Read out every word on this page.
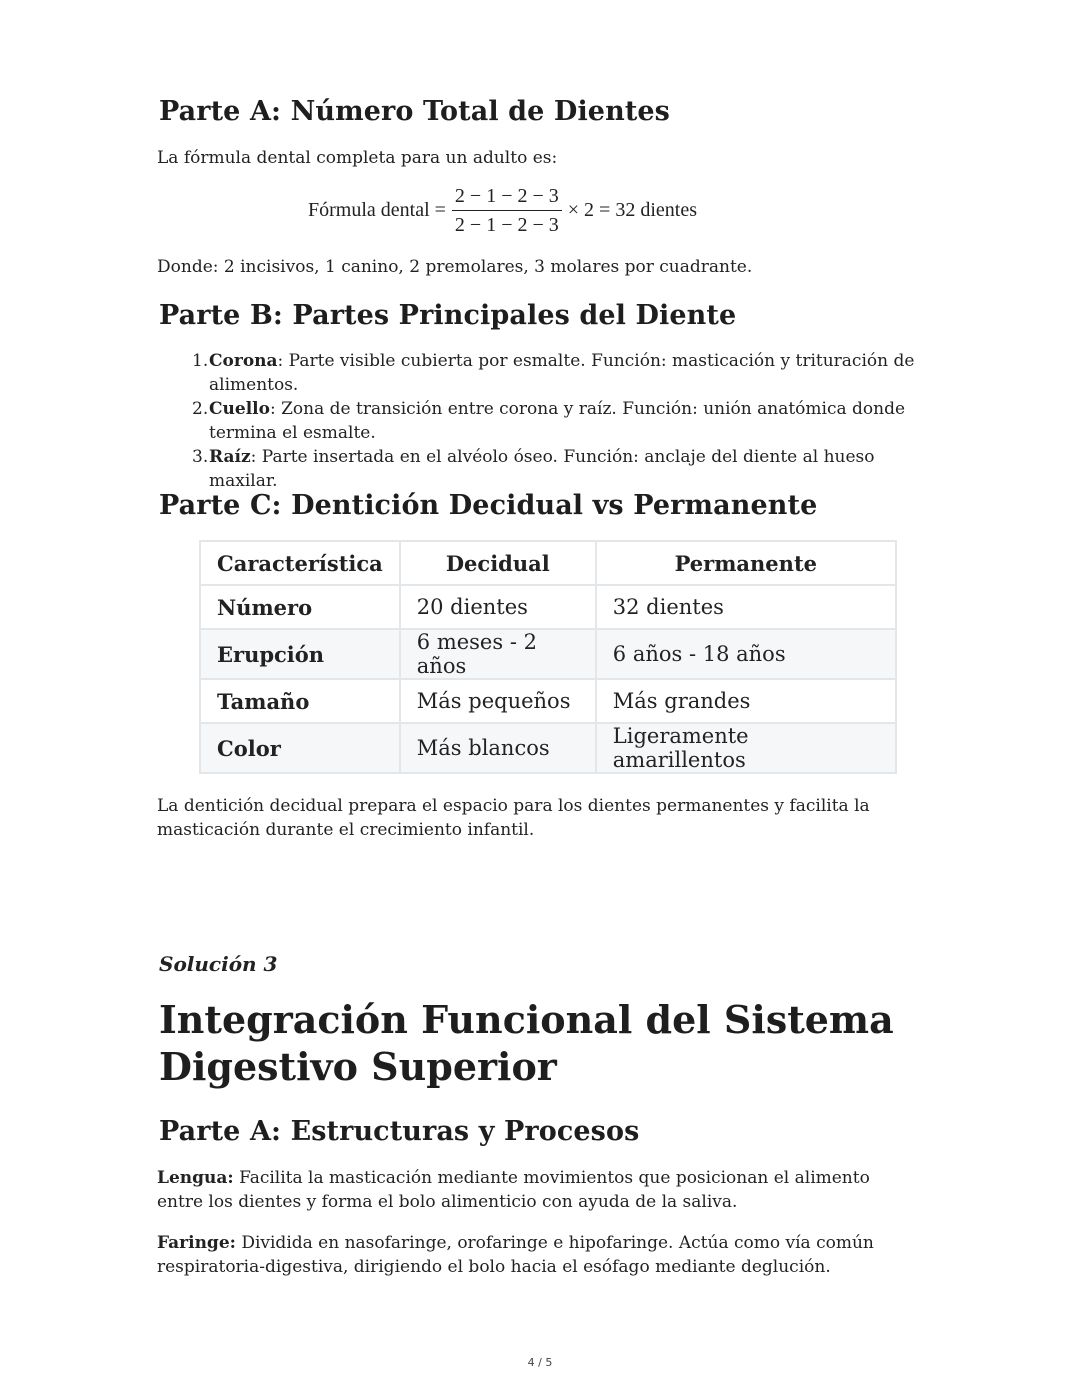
Parte A: Número Total de Dientes

La fórmula dental completa para un adulto es:

Fórmula dental = $\frac{2 - 1 - 2 - 3}{2 - 1 - 2 - 3} \times 2 = 32$ dientes

Donde: 2 incisivos, 1 canino, 2 premolares, 3 molares por cuadrante.

Parte B: Partes Principales del Diente
1. Corona: Parte visible cubierta por esmalte. Función: masticación y trituración de alimentos.
2. Cuello: Zona de transición entre corona y raíz. Función: unión anatómica donde termina el esmalte.
3. Raíz: Parte insertada en el alvéolo óseo. Función: anclaje del diente al hueso maxilar.
Parte C: Dentición Decidual vs Permanente
Característica	Decidual	Permanente
Número	20 dientes	32 dientes
Erupción	6 meses - 2 años	6 años - 18 años
Tamaño	Más pequeños	Más grandes
Color	Más blancos	Ligeramente amarillentos

La dentición decidual prepara el espacio para los dientes permanentes y facilita la masticación durante el crecimiento infantil.

Solución 3
Integración Funcional del Sistema Digestivo Superior
Parte A: Estructuras y Procesos

Lengua: Facilita la masticación mediante movimientos que posicionan el alimento entre los dientes y forma el bolo alimenticio con ayuda de la saliva.

Faringe: Dividida en nasofaringe, orofaringe e hipofaringe. Actúa como vía común respiratoria-digestiva, dirigiendo el bolo hacia el esófago mediante deglución.

4 / 5
